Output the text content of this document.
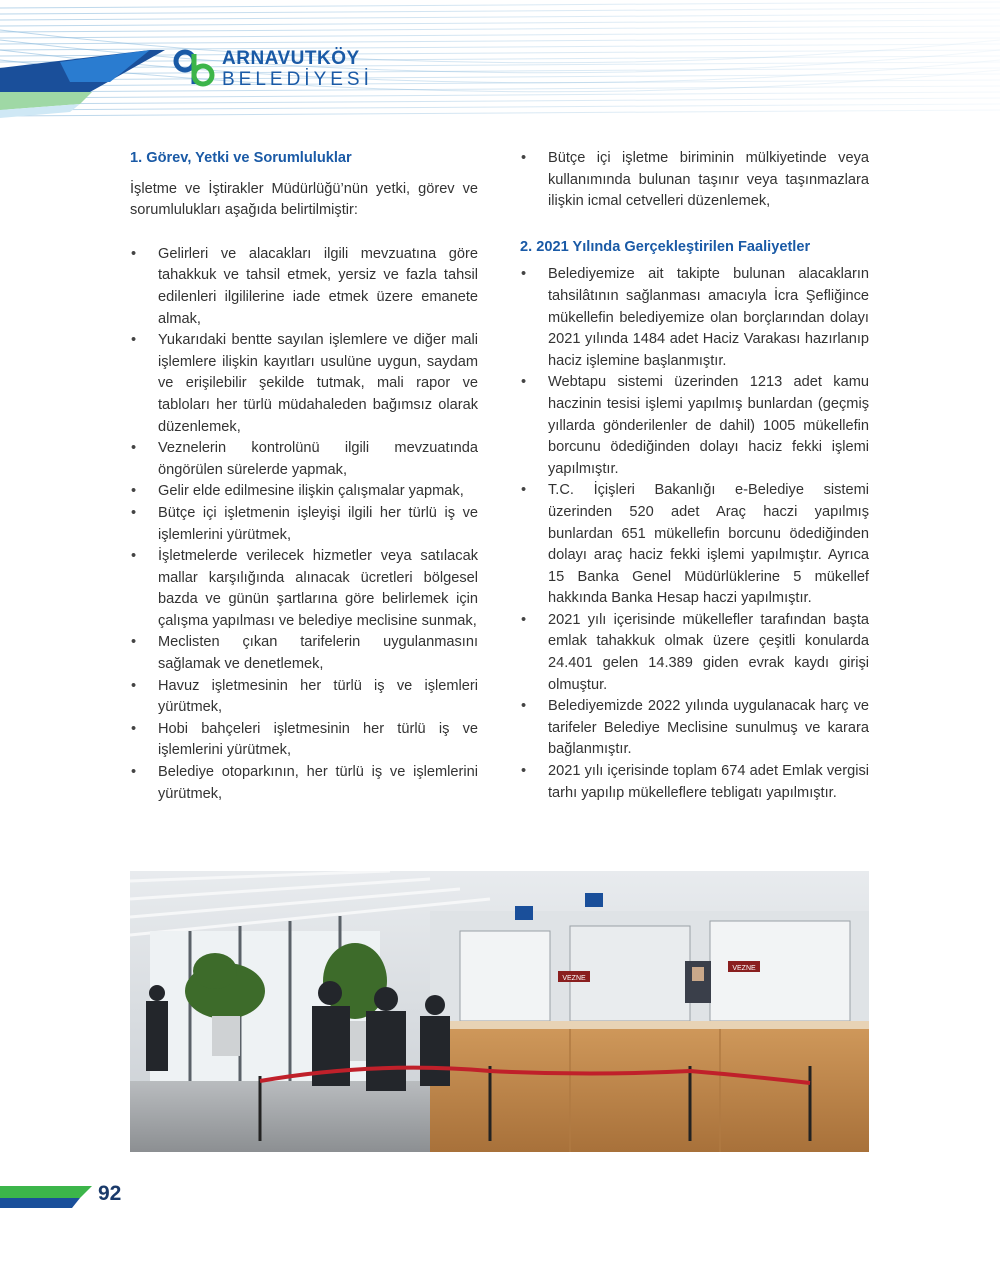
ARNAVUTKÖY
BELEDİYESİ
1. Görev, Yetki ve Sorumluluklar

İşletme ve İştirakler Müdürlüğü’nün yetki, görev ve sorumlulukları aşağıda belirtilmiştir:

• Gelirleri ve alacakları ilgili mevzuatına göre tahakkuk ve tahsil etmek, yersiz ve fazla tahsil edilenleri ilgililerine iade etmek üzere emanete almak,
• Yukarıdaki bentte sayılan işlemlere ve diğer mali işlemlere ilişkin kayıtları usulüne uygun, saydam ve erişilebilir şekilde tutmak, mali rapor ve tabloları her türlü müdahaleden bağımsız olarak düzenlemek,
• Veznelerin kontrolünü ilgili mevzuatında öngörülen sürelerde yapmak,
• Gelir elde edilmesine ilişkin çalışmalar yapmak,
• Bütçe içi işletmenin işleyişi ilgili her türlü iş ve işlemlerini yürütmek,
• İşletmelerde verilecek hizmetler veya satılacak mallar karşılığında alınacak ücretleri bölgesel bazda ve günün şartlarına göre belirlemek için çalışma yapılması ve belediye meclisine sunmak,
• Meclisten çıkan tarifelerin uygulanmasını sağlamak ve denetlemek,
• Havuz işletmesinin her türlü iş ve işlemleri yürütmek,
• Hobi bahçeleri işletmesinin her türlü iş ve işlemlerini yürütmek,
• Belediye otoparkının, her türlü iş ve işlemlerini yürütmek,
• Bütçe içi işletme biriminin mülkiyetinde veya kullanımında bulunan taşınır veya taşınmazlara ilişkin icmal cetvelleri düzenlemek,
2. 2021 Yılında Gerçekleştirilen Faaliyetler
• Belediyemize ait takipte bulunan alacakların tahsilâtının sağlanması amacıyla İcra Şefliğince mükellefin belediyemize olan borçlarından dolayı 2021 yılında 1484 adet Haciz Varakası hazırlanıp haciz işlemine başlanmıştır.
• Webtapu sistemi üzerinden 1213 adet kamu haczinin tesisi işlemi yapılmış bunlardan (geçmiş yıllarda gönderilenler de dahil) 1005 mükellefin borcunu ödediğinden dolayı haciz fekki işlemi yapılmıştır.
• T.C. İçişleri Bakanlığı e-Belediye sistemi üzerinden 520 adet Araç haczi yapılmış bunlardan 651 mükellefin borcunu ödediğinden dolayı araç haciz fekki işlemi yapılmıştır. Ayrıca 15 Banka Genel Müdürlüklerine 5 mükellef hakkında Banka Hesap haczi yapılmıştır.
• 2021 yılı içerisinde mükellefler tarafından başta emlak tahakkuk olmak üzere çeşitli konularda 24.401 gelen 14.389 giden evrak kaydı girişi olmuştur.
• Belediyemizde 2022 yılında uygulanacak harç ve tarifeler Belediye Meclisine sunulmuş ve karara bağlanmıştır.
• 2021 yılı içerisinde toplam 674 adet Emlak vergisi tarhı yapılıp mükelleflere tebligatı yapılmıştır.
VEZNE
VEZNE
92
